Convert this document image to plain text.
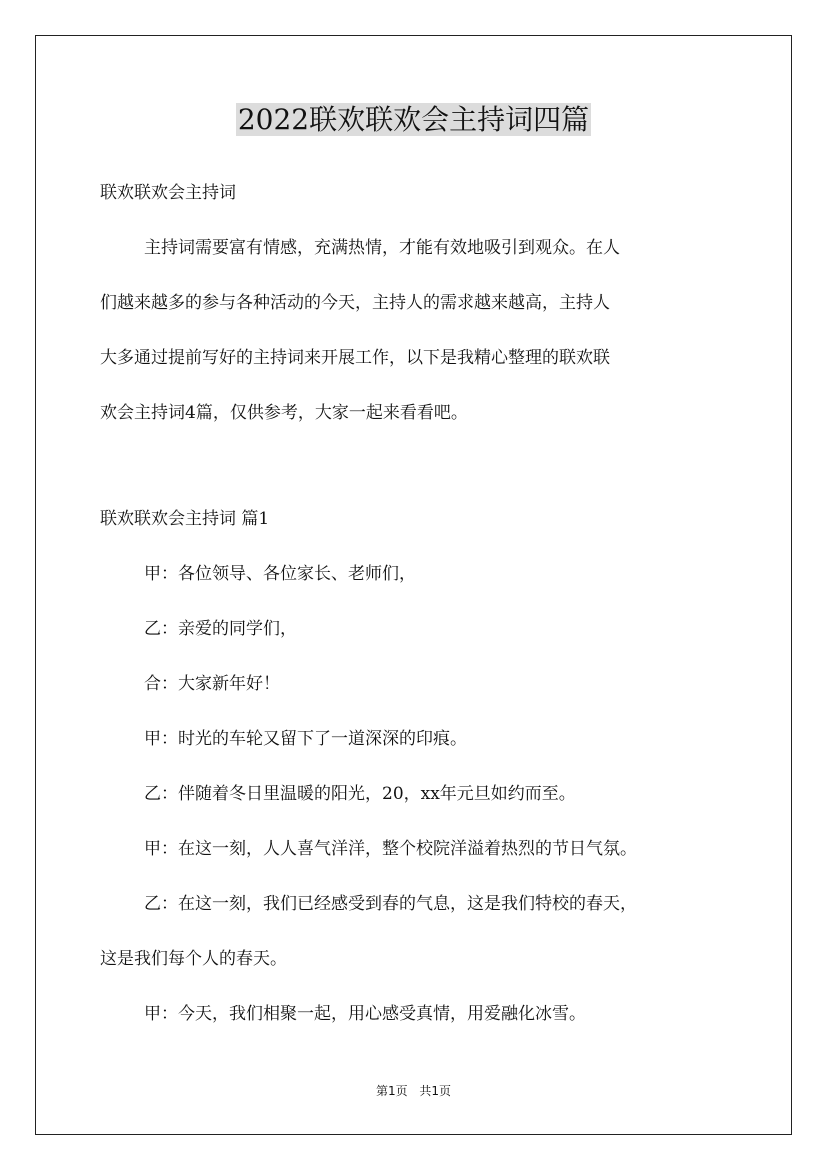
2022联欢联欢会主持词四篇
联欢联欢会主持词
主持词需要富有情感，充满热情，才能有效地吸引到观众。在人
们越来越多的参与各种活动的今天，主持人的需求越来越高，主持人
大多通过提前写好的主持词来开展工作，以下是我精心整理的联欢联
欢会主持词4篇，仅供参考，大家一起来看看吧。
联欢联欢会主持词 篇1
甲：各位领导、各位家长、老师们，
乙：亲爱的同学们，
合：大家新年好！
甲：时光的车轮又留下了一道深深的印痕。
乙：伴随着冬日里温暖的阳光，20，xx年元旦如约而至。
甲：在这一刻，人人喜气洋洋，整个校院洋溢着热烈的节日气氛。
乙：在这一刻，我们已经感受到春的气息，这是我们特校的春天，
这是我们每个人的春天。
甲：今天，我们相聚一起，用心感受真情，用爱融化冰雪。
第1页 共1页
